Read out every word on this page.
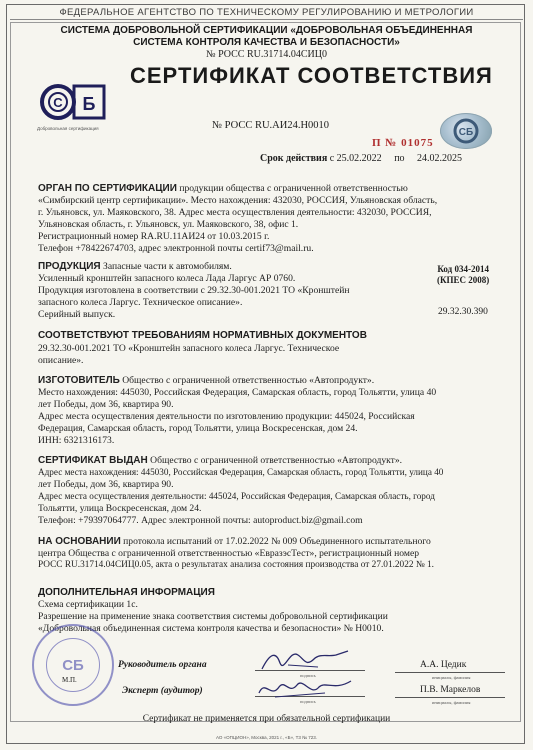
ФЕДЕРАЛЬНОЕ АГЕНТСТВО ПО ТЕХНИЧЕСКОМУ РЕГУЛИРОВАНИЮ И МЕТРОЛОГИИ
СИСТЕМА ДОБРОВОЛЬНОЙ СЕРТИФИКАЦИИ «ДОБРОВОЛЬНАЯ ОБЪЕДИНЕННАЯ
СИСТЕМА КОНТРОЛЯ КАЧЕСТВА И БЕЗОПАСНОСТИ»
№ РОСС RU.31714.04СИЦ0
Б
С
Добровольная сертификация
СЕРТИФИКАТ СООТВЕТСТВИЯ
№ РОСС RU.АИ24.Н0010
СБ
П № 01075
Срок действия с 25.02.2022 по 24.02.2025
ОРГАН ПО СЕРТИФИКАЦИИ продукции общества с ограниченной ответственностью
«Симбирский центр сертификации». Место нахождения: 432030, РОССИЯ, Ульяновская область,
г. Ульяновск, ул. Маяковского, 38. Адрес места осуществления деятельности: 432030, РОССИЯ,
Ульяновская область, г. Ульяновск, ул. Маяковского, 38, офис 1.
Регистрационный номер RA.RU.11АИ24 от 10.03.2015 г.
Телефон +78422674703, адрес электронной почты certif73@mail.ru.
ПРОДУКЦИЯ Запасные части к автомобилям.
Усиленный кронштейн запасного колеса Лада Ларгус АР 0760.
Продукция изготовлена в соответствии с 29.32.30-001.2021 ТО «Кронштейн
запасного колеса Ларгус. Техническое описание».
Серийный выпуск.
Код 034-2014
(КПЕС 2008)
29.32.30.390
СООТВЕТСТВУЮТ ТРЕБОВАНИЯМ НОРМАТИВНЫХ ДОКУМЕНТОВ
29.32.30-001.2021 ТО «Кронштейн запасного колеса Ларгус. Техническое
описание».
ИЗГОТОВИТЕЛЬ Общество с ограниченной ответственностью «Автопродукт».
Место нахождения: 445030, Российская Федерация, Самарская область, город Тольятти, улица 40
лет Победы, дом 36, квартира 90.
Адрес места осуществления деятельности по изготовлению продукции: 445024, Российская
Федерация, Самарская область, город Тольятти, улица Воскресенская, дом 24.
ИНН: 6321316173.
СЕРТИФИКАТ ВЫДАН Общество с ограниченной ответственностью «Автопродукт».
Адрес места нахождения: 445030, Российская Федерация, Самарская область, город Тольятти, улица 40
лет Победы, дом 36, квартира 90.
Адрес места осуществления деятельности: 445024, Российская Федерация, Самарская область, город
Тольятти, улица Воскресенская, дом 24.
Телефон: +79397064777. Адрес электронной почты: autoproduct.biz@gmail.com
НА ОСНОВАНИИ протокола испытаний от 17.02.2022 № 009 Объединенного испытательного
центра Общества с ограниченной ответственностью «ЕвразэсТест», регистрационный номер
РОСС RU.31714.04СИЦ0.05, акта о результатах анализа состояния производства от 27.01.2022 № 1.
ДОПОЛНИТЕЛЬНАЯ ИНФОРМАЦИЯ
Схема сертификации 1с.
Разрешение на применение знака соответствия системы добровольной сертификации
«Добровольная объединенная система контроля качества и безопасности» № Н0010.
СБ
М.П.
Руководитель органа	А.А. Цедик
подпись	инициалы, фамилия
Эксперт (аудитор)	П.В. Маркелов
подпись	инициалы, фамилия
Сертификат не применяется при обязательной сертификации
АО «ОПЦИОН», Москва, 2021 г., «Б», Т3 № 723.
